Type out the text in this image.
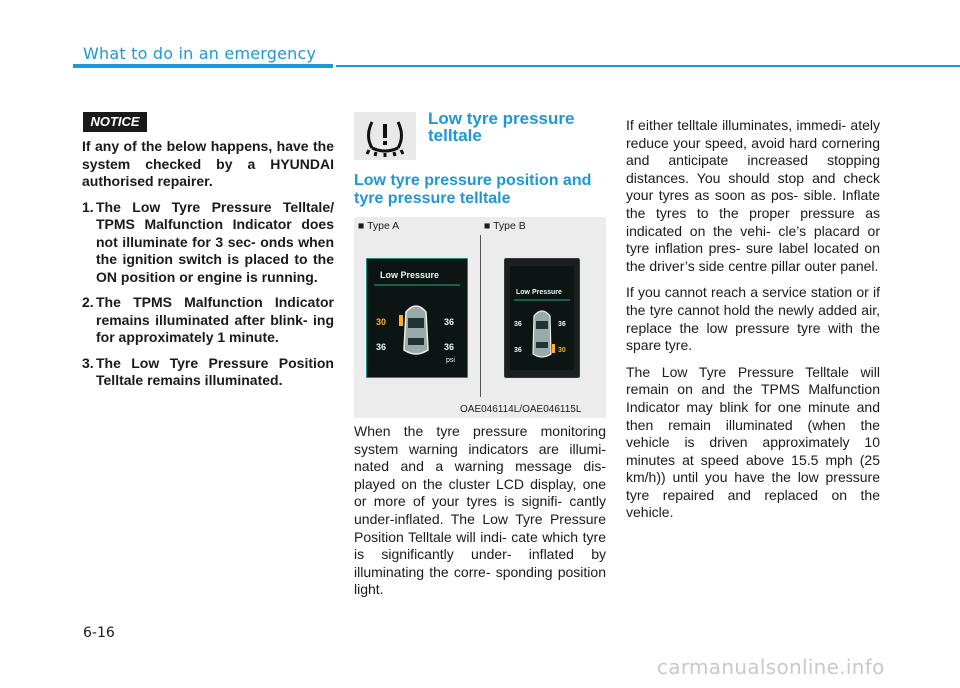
What to do in an emergency
NOTICE

If any of the below happens, have the system checked by a HYUNDAI authorised repairer.

1. The Low Tyre Pressure Telltale/ TPMS Malfunction Indicator does not illuminate for 3 sec- onds when the ignition switch is placed to the ON position or engine is running.
2. The TPMS Malfunction Indicator remains illuminated after blink- ing for approximately 1 minute.
3. The Low Tyre Pressure Position Telltale remains illuminated.
Low tyre pressure telltale
Low tyre pressure position and tyre pressure telltale
■ Type A	■ Type B
Low Pressure
30	36
36	36
psi
Low Pressure
36	36
36	30
OAE046114L/OAE046115L
When the tyre pressure monitoring system warning indicators are illumi- nated and a warning message dis- played on the cluster LCD display, one or more of your tyres is signifi- cantly under-inflated. The Low Tyre Pressure Position Telltale will indi- cate which tyre is significantly under- inflated by illuminating the corre- sponding position light.

If either telltale illuminates, immedi- ately reduce your speed, avoid hard cornering and anticipate increased stopping distances. You should stop and check your tyres as soon as pos- sible. Inflate the tyres to the proper pressure as indicated on the vehi- cle’s placard or tyre inflation pres- sure label located on the driver’s side centre pillar outer panel.

If you cannot reach a service station or if the tyre cannot hold the newly added air, replace the low pressure tyre with the spare tyre.

The Low Tyre Pressure Telltale will remain on and the TPMS Malfunction Indicator may blink for one minute and then remain illuminated (when the vehicle is driven approximately 10 minutes at speed above 15.5 mph (25 km/h)) until you have the low pressure tyre repaired and replaced on the vehicle.

6-16
carmanualsonline.info
